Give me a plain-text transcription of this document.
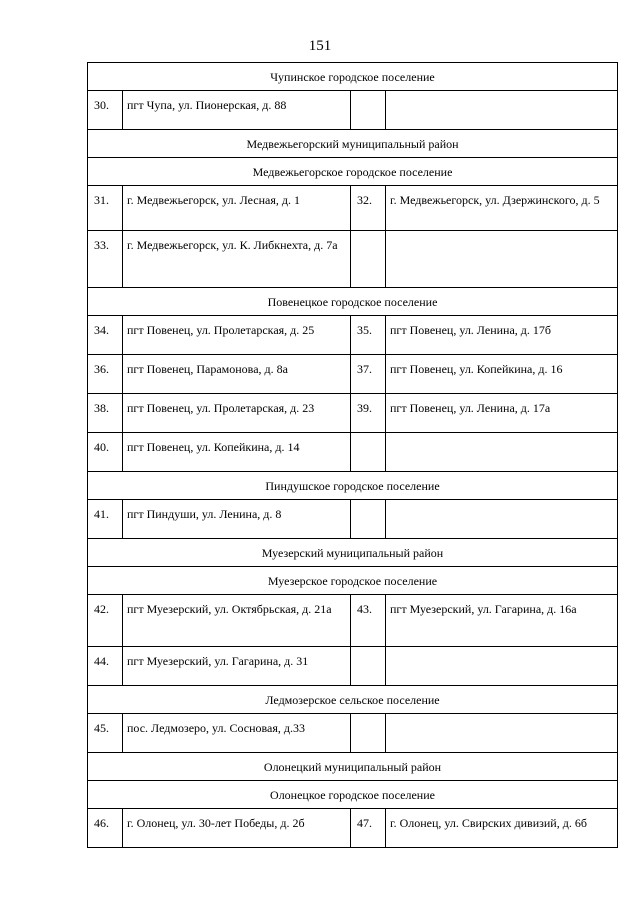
151
Чупинское городское поселение			
30.	пгт Чупа, ул. Пионерская, д. 88		
Медвежьегорский муниципальный район			
Медвежьегорское городское поселение			
31.	г. Медвежьегорск, ул. Лесная, д. 1	32.	г. Медвежьегорск, ул. Дзержинского, д. 5
33.	г. Медвежьегорск, ул. К. Либкнехта, д. 7а		
Повенецкое городское поселение			
34.	пгт Повенец, ул. Пролетарская, д. 25	35.	пгт Повенец, ул. Ленина, д. 17б
36.	пгт Повенец, Парамонова, д. 8а	37.	пгт Повенец, ул. Копейкина, д. 16
38.	пгт Повенец, ул. Пролетарская, д. 23	39.	пгт Повенец, ул. Ленина, д. 17а
40.	пгт Повенец, ул. Копейкина, д. 14		
Пиндушское городское поселение			
41.	пгт Пиндуши, ул. Ленина, д. 8		
Муезерский муниципальный район			
Муезерское городское поселение			
42.	пгт Муезерский, ул. Октябрьская, д. 21а	43.	пгт Муезерский, ул. Гагарина, д. 16а
44.	пгт Муезерский, ул. Гагарина, д. 31		
Ледмозерское сельское поселение			
45.	пос. Ледмозеро, ул. Сосновая, д.33		
Олонецкий муниципальный район			
Олонецкое городское поселение			
46.	г. Олонец, ул. 30-лет Победы, д. 2б	47.	г. Олонец, ул. Свирских дивизий, д. 6б
